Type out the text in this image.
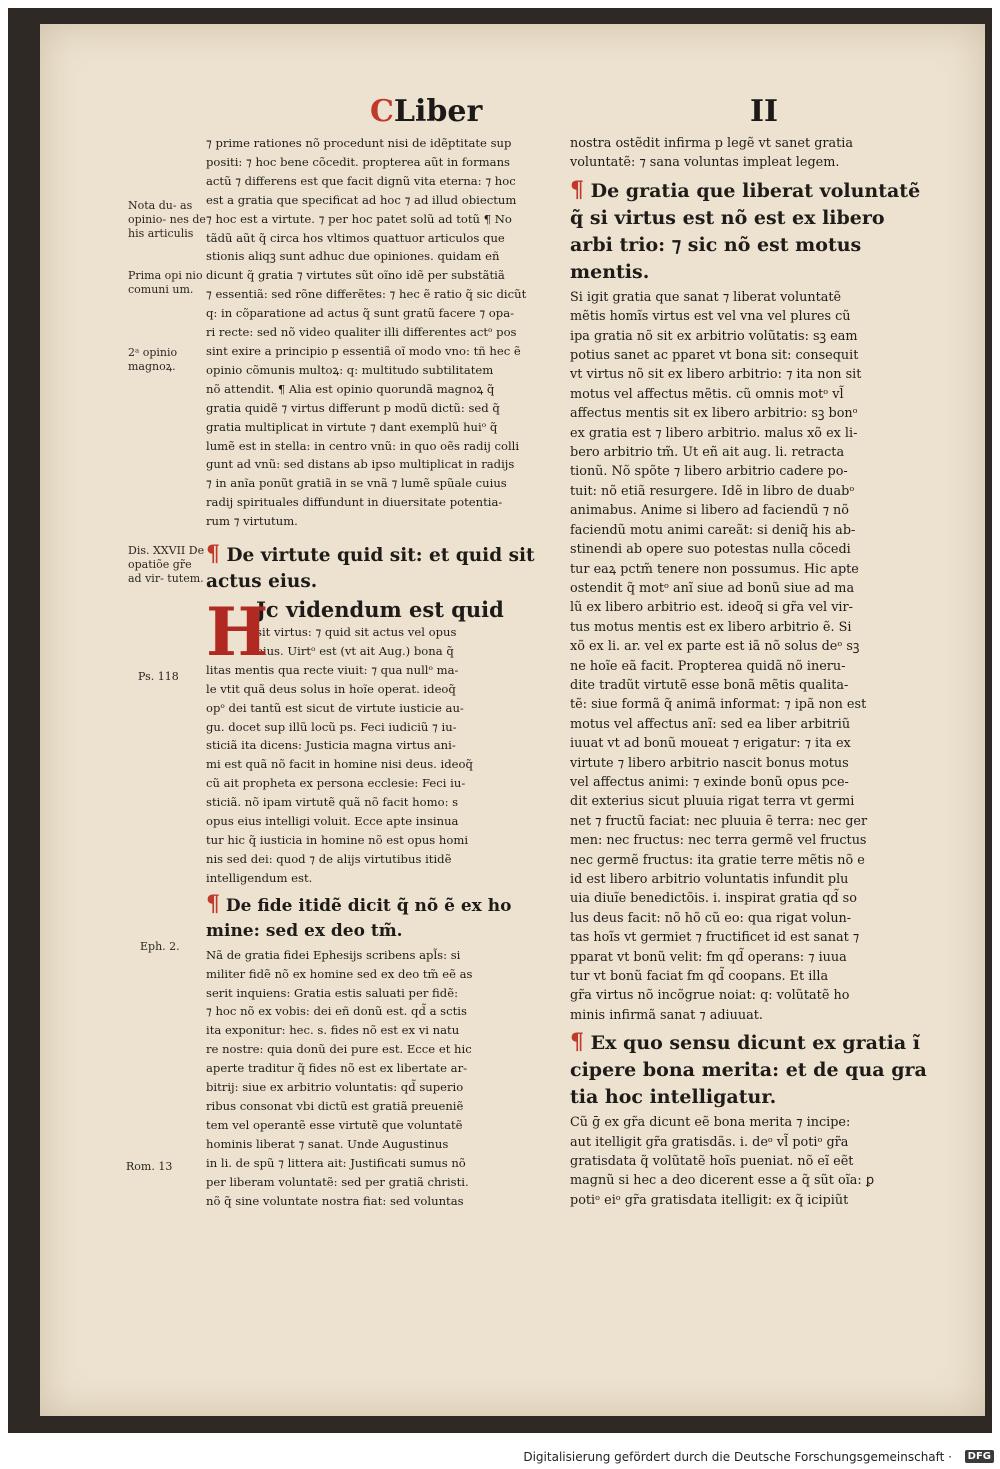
CLiber	II
Nota du- as opinio- nes de his articulis
Prima opi nio comuni um.
2ᵃ opinio magnoꝝ.
Dis. XXVII De opatiõe gr̃e ad vir- tutem.
Ps. 118
Eph. 2.
Rom. 13

⁊ prime rationes nõ procedunt nisi de idẽptitate sup

positi: ⁊ hoc bene cõcedit. propterea aũt in formans

actũ ⁊ differens est que facit dignũ vita eterna: ⁊ hoc

est a gratia que specificat ad hoc ⁊ ad illud obiectum

⁊ hoc est a virtute. ⁊ per hoc patet solũ ad totũ ¶ No

tãdũ aũt q̃ circa hos vltimos quattuor articulos que

stionis aliqꝫ sunt adhuc due opiniones. quidam eñ

dicunt q̃ gratia ⁊ virtutes sũt oĩno idẽ per substãtiã

⁊ essentiã: sed rõne differẽtes: ⁊ hec ẽ ratio q̃ sic dicũt

q: in cõparatione ad actus q̃ sunt gratũ facere ⁊ opa-

ri recte: sed nõ video qualiter illi differentes actᵒ pos

sint exire a principio p essentiã oĩ modo vno: tñ hec ẽ

opinio cõmunis multoꝝ: q: multitudo subtilitatem

nõ attendit. ¶ Alia est opinio quorundã magnoꝝ q̃

gratia quidẽ ⁊ virtus differunt p modũ dictũ: sed q̃

gratia multiplicat in virtute ⁊ dant exemplũ huiᵒ q̃

lumẽ est in stella: in centro vnũ: in quo oẽs radij colli

gunt ad vnũ: sed distans ab ipso multiplicat in radijs

⁊ in anĩa ponũt gratiã in se vnã ⁊ lumẽ spũale cuius

radij spirituales diffundunt in diuersitate potentia-

rum ⁊ virtutum.

¶ De virtute quid sit: et quid sit actus eius.

H

Jc videndum est quid

sit virtus: ⁊ quid sit actus vel opus

eius. Uirtᵒ est (vt ait Aug.) bona q̃

litas mentis qua recte viuit: ⁊ qua nullᵒ ma-

le vtit quã deus solus in hoĩe operat. ideoq̃

opᵒ dei tantũ est sicut de virtute iusticie au-

gu. docet sup illũ locũ ps. Feci iudiciũ ⁊ iu-

sticiã ita dicens: Justicia magna virtus ani-

mi est quã nõ facit in homine nisi deus. ideoq̃

cũ ait propheta ex persona ecclesie: Feci iu-

sticiã. nõ ipam virtutẽ quã nõ facit homo: s

opus eius intelligi voluit. Ecce apte insinua

tur hic q̃ iusticia in homine nõ est opus homi

nis sed dei: quod ⁊ de alijs virtutibus itidẽ

intelligendum est.

¶ De fide itidẽ dicit q̃ nõ ẽ ex ho mine: sed ex deo tm̃.

Nã de gratia fidei Ephesijs scribens apl̃s: si

militer fidẽ nõ ex homine sed ex deo tm̃ eẽ as

serit inquiens: Gratia estis saluati per fidẽ:

⁊ hoc nõ ex vobis: dei eñ donũ est. qd̃ a sctis

ita exponitur: hec. s. fides nõ est ex vi natu

re nostre: quia donũ dei pure est. Ecce et hic

aperte traditur q̃ fides nõ est ex libertate ar-

bitrij: siue ex arbitrio voluntatis: qd̃ superio

ribus consonat vbi dictũ est gratiã preueniẽ

tem vel operantẽ esse virtutẽ que voluntatẽ

hominis liberat ⁊ sanat. Unde Augustinus

in li. de spũ ⁊ littera ait: Justificati sumus nõ

per liberam voluntatẽ: sed per gratiã christi.

nõ q̃ sine voluntate nostra fiat: sed voluntas

nostra ostẽdit infirma p legẽ vt sanet gratia

voluntatẽ: ⁊ sana voluntas impleat legem.

¶ De gratia que liberat voluntatẽ q̃ si virtus est nõ est ex libero arbi trio: ⁊ sic nõ est motus mentis.

Si igit gratia que sanat ⁊ liberat voluntatẽ

mẽtis homĩs virtus est vel vna vel plures cũ

ipa gratia nõ sit ex arbitrio volũtatis: sꝫ eam

potius sanet ac pparet vt bona sit: consequit

vt virtus nõ sit ex libero arbitrio: ⁊ ita non sit

motus vel affectus mẽtis. cũ omnis motᵒ vl̃

affectus mentis sit ex libero arbitrio: sꝫ bonᵒ

ex gratia est ⁊ libero arbitrio. malus xõ ex li-

bero arbitrio tm̃. Ut eñ ait aug. li. retracta

tionũ. Nõ spõte ⁊ libero arbitrio cadere po-

tuit: nõ etiã resurgere. Idẽ in libro de duabᵒ

animabus. Anime si libero ad faciendũ ⁊ nõ

faciendũ motu animi careãt: si deniq̃ his ab-

stinendi ab opere suo potestas nulla cõcedi

tur eaꝝ pctm̃ tenere non possumus. Hic apte

ostendit q̃ motᵒ anĩ siue ad bonũ siue ad ma

lũ ex libero arbitrio est. ideoq̃ si gr̃a vel vir-

tus motus mentis est ex libero arbitrio ẽ. Si

xõ ex li. ar. vel ex parte est iã nõ solus deᵒ sꝫ

ne hoĩe eã facit. Propterea quidã nõ ineru-

dite tradũt virtutẽ esse bonã mẽtis qualita-

tẽ: siue formã q̃ animã informat: ⁊ ipã non est

motus vel affectus anĩ: sed ea liber arbitriũ

iuuat vt ad bonũ moueat ⁊ erigatur: ⁊ ita ex

virtute ⁊ libero arbitrio nascit bonus motus

vel affectus animi: ⁊ exinde bonũ opus pce-

dit exterius sicut pluuia rigat terra vt germi

net ⁊ fructũ faciat: nec pluuia ẽ terra: nec ger

men: nec fructus: nec terra germẽ vel fructus

nec germẽ fructus: ita gratie terre mẽtis nõ e

id est libero arbitrio voluntatis infundit plu

uia diuĩe benedictõis. i. inspirat gratia qd̃ so

lus deus facit: nõ hõ cũ eo: qua rigat volun-

tas hoĩs vt germiet ⁊ fructificet id est sanat ⁊

pparat vt bonũ velit: fm qd̃ operans: ⁊ iuua

tur vt bonũ faciat fm qd̃ coopans. Et illa

gr̃a virtus nõ incõgrue noiat: q: volũtatẽ ho

minis infirmã sanat ⁊ adiuuat.

¶ Ex quo sensu dicunt ex gratia ĩ cipere bona merita: et de qua gra tia hoc intelligatur.

Cũ ḡ ex gr̃a dicunt eẽ bona merita ⁊ incipe:

aut itelligit gr̃a gratisdãs. i. deᵒ vl̃ potiᵒ gr̃a

gratisdata q̃ volũtatẽ hoĩs pueniat. nõ eĩ eẽt

magnũ si hec a deo dicerent esse a q̃ sũt oĩa: ꝑ

potiᵒ eiᵒ gr̃a gratisdata itelligit: ex q̃ icipiũt

Digitalisierung gefördert durch die Deutsche Forschungsgemeinschaft ·	DFG
